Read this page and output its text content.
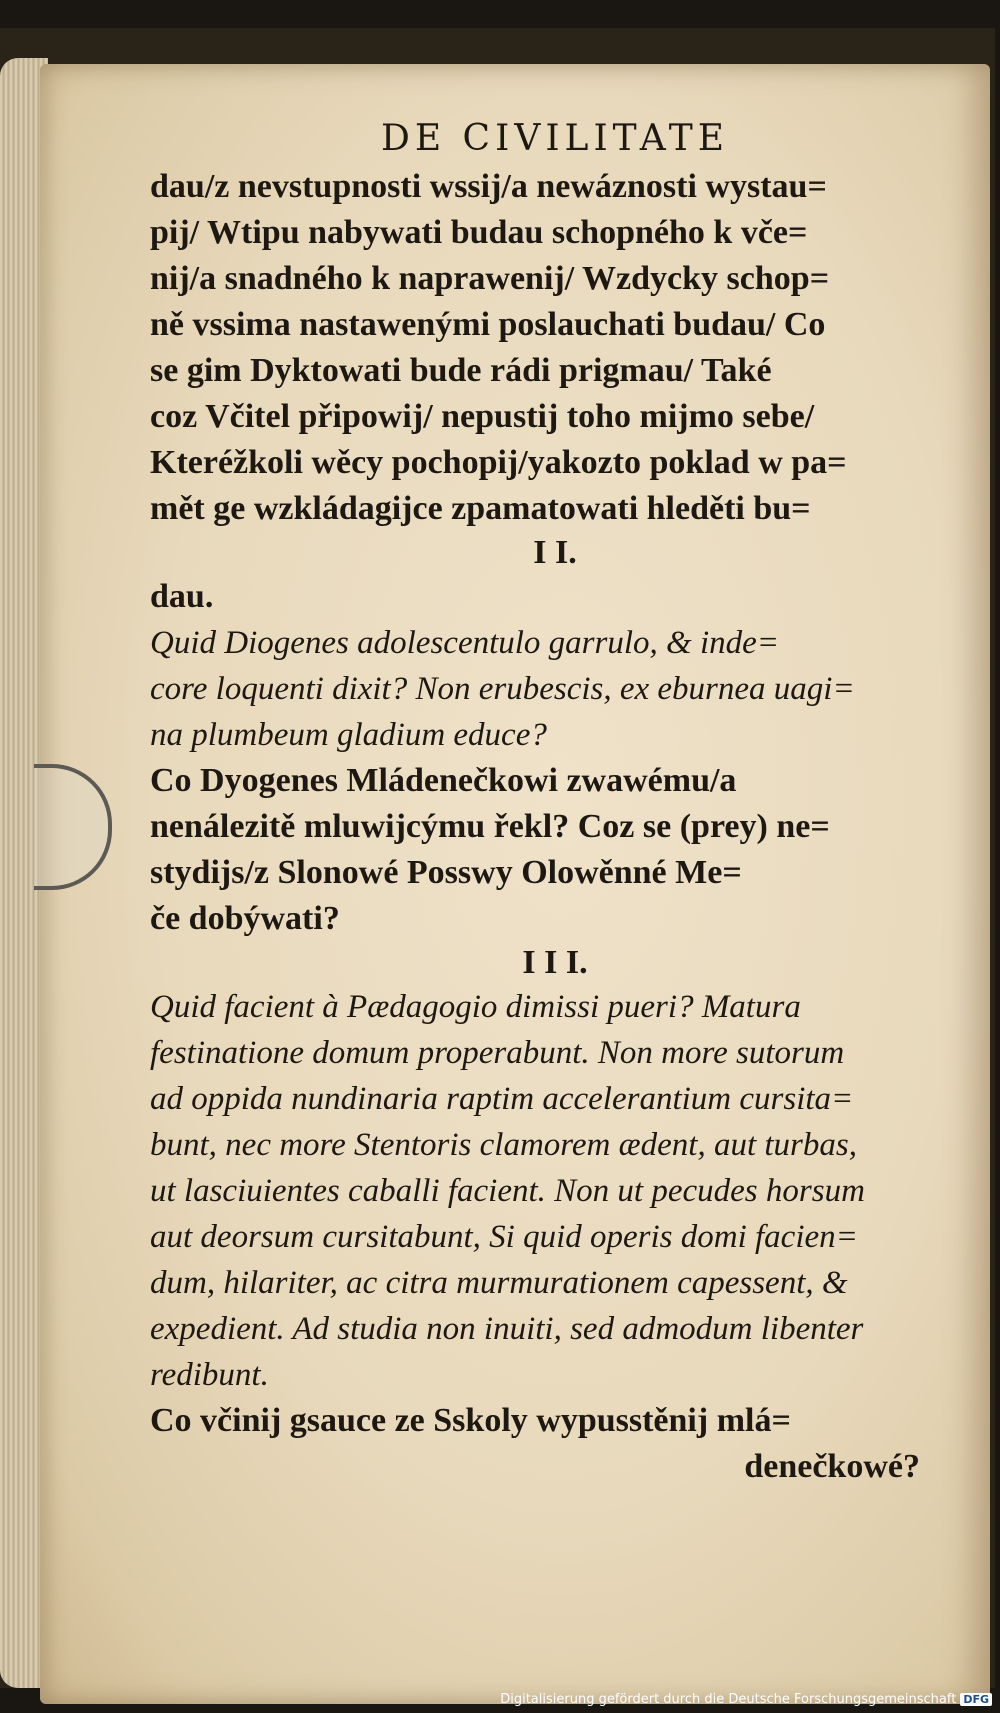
DE CIVILITATE
dau/z nevstupnosti wssij/a newáznosti wystau=
pij/ Wtipu nabywati budau schopného k vče=
nij/a snadného k naprawenij/ Wzdycky schop=
ně vssima nastawenými poslauchati budau/ Co
se gim Dyktowati bude rádi prigmau/ Také
coz Včitel připowij/ nepustij toho mijmo sebe/
Kteréžkoli wěcy pochopij/yakozto poklad w pa=
mět ge wzkládagijce zpamatowati hleděti bu=
I I.
dau.
Quid Diogenes adolescentulo garrulo, & inde=
core loquenti dixit? Non erubescis, ex eburnea uagi=
na plumbeum gladium educe?
Co Dyogenes Mládenečkowi zwawému/a
nenálezitě mluwijcýmu řekl? Coz se (prey) ne=
stydijs/z Slonowé Posswy Olowěnné Me=
če dobýwati?
I I I.
Quid facient à Pædagogio dimissi pueri? Matura
festinatione domum properabunt. Non more sutorum
ad oppida nundinaria raptim accelerantium cursita=
bunt, nec more Stentoris clamorem ædent, aut turbas,
ut lasciuientes caballi facient. Non ut pecudes horsum
aut deorsum cursitabunt, Si quid operis domi facien=
dum, hilariter, ac citra murmurationem capessent, &
expedient. Ad studia non inuiti, sed admodum libenter
redibunt.
Co včinij gsauce ze Sskoly wypusstěnij mlá=
denečkowé?
Digitalisierung gefördert durch die Deutsche Forschungsgemeinschaft DFG
